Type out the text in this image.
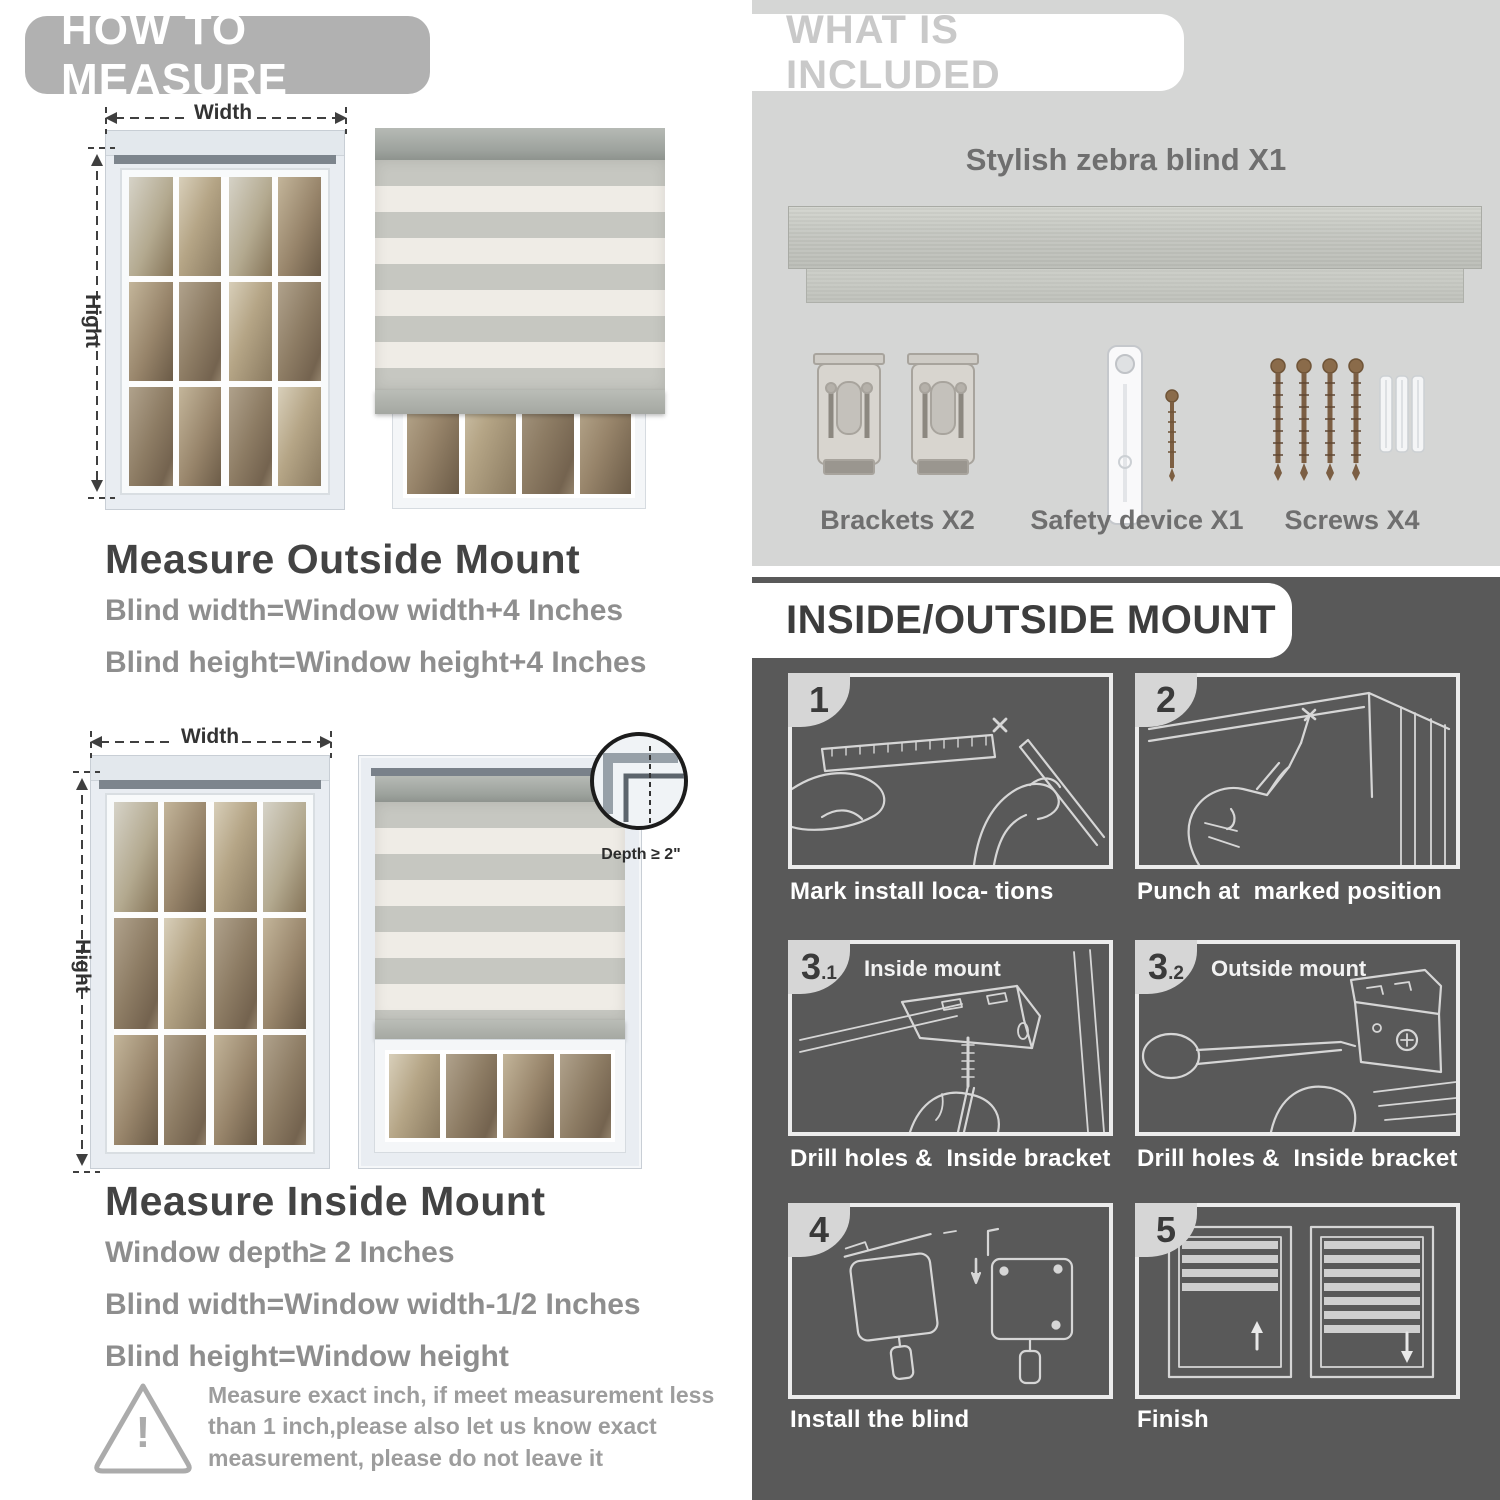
HOW TO MEASURE
Width
Hight
Measure Outside Mount
Blind width=Window width+4 Inches
Blind height=Window height+4 Inches
Width
Hight
Depth ≥ 2"
Measure Inside Mount
Window depth≥ 2 Inches
Blind width=Window width-1/2 Inches
Blind height=Window height
!
Measure exact inch, if meet measurement less than 1 inch,please also let us know exact measurement, please do not leave it
WHAT IS INCLUDED
Stylish zebra blind X1
Brackets X2	Safety device X1	Screws X4
INSIDE/OUTSIDE MOUNT
1
Mark install loca- tions
2
Punch at  marked position
3 .1 Inside mount
Drill holes &  Inside bracket
3 .2 Outside mount
Drill holes &  Inside bracket
4
Install the blind
5
Finish
